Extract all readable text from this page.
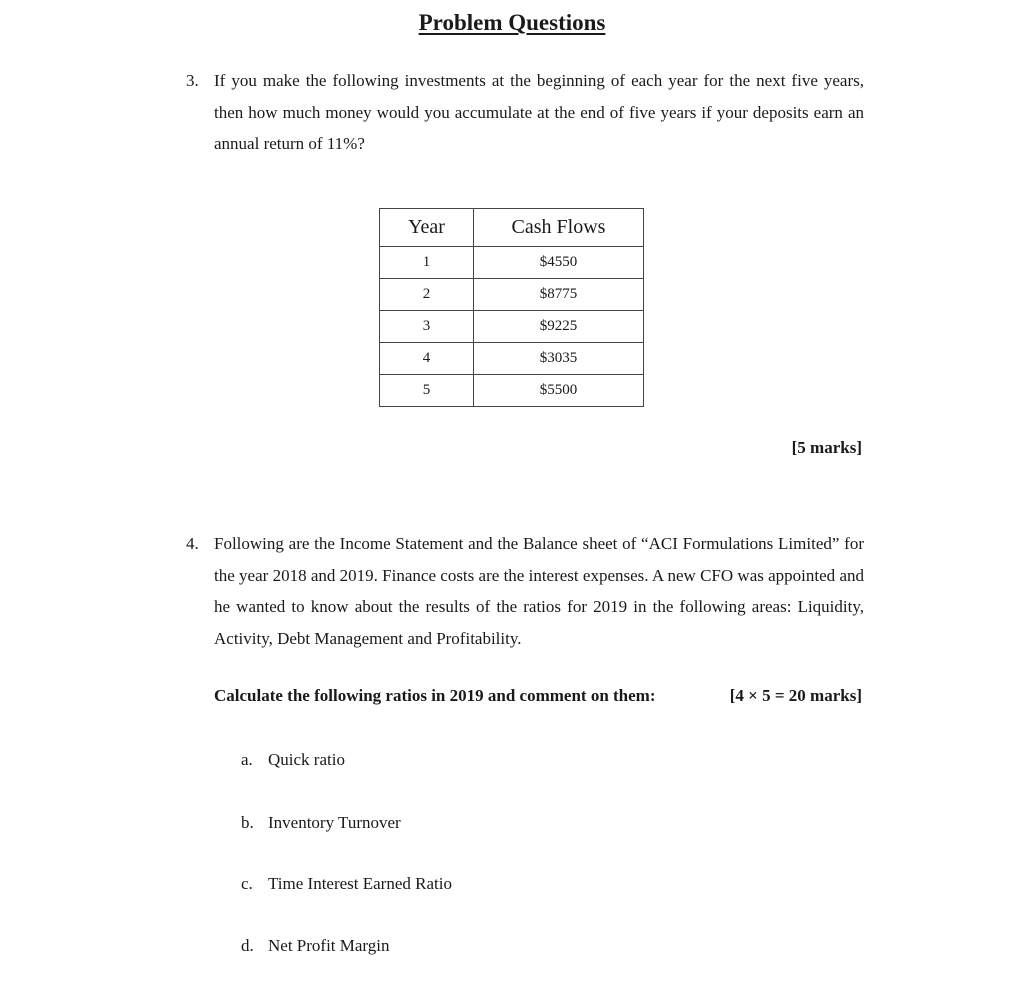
Problem Questions
3. If you make the following investments at the beginning of each year for the next five years, then how much money would you accumulate at the end of five years if your deposits earn an annual return of 11%?
Year	Cash Flows
1	$4550
2	$8775
3	$9225
4	$3035
5	$5500
[5 marks]
4. Following are the Income Statement and the Balance sheet of “ACI Formulations Limited” for the year 2018 and 2019. Finance costs are the interest expenses. A new CFO was appointed and he wanted to know about the results of the ratios for 2019 in the following areas: Liquidity, Activity, Debt Management and Profitability.
Calculate the following ratios in 2019 and comment on them:	[4 × 5 = 20 marks]
a. Quick ratio
b. Inventory Turnover
c. Time Interest Earned Ratio
d. Net Profit Margin
